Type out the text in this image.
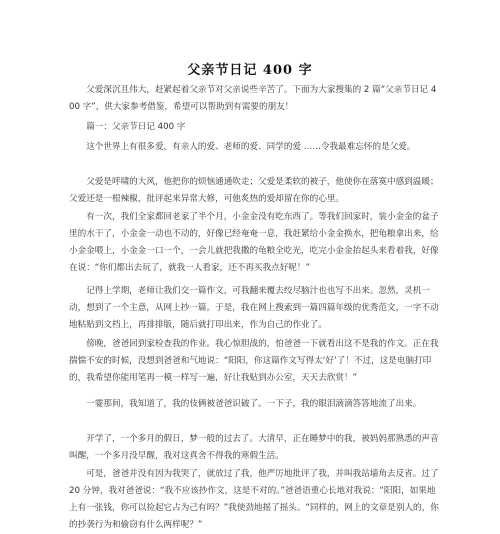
父亲节日记 400 字

父爱深沉且伟大，赶紧起着父亲节对父亲说些辛苦了。下面为大家搜集的 2 篇“父亲节日记 400 字”，供大家参考借鉴，希望可以帮助到有需要的朋友！

篇一：父亲节日记 400 字

这个世界上有很多爱，有亲人的爱、老师的爱、同学的爱 ……令我最难忘怀的是父爱。

父爱是呼啸的大风，他把你的烦恼通通吹走；父爱是柔软的被子，他使你在落寞中感到温暖；父爱还是一根辣椒，批评起来异常大修，可他炙热的爱却留在你的心里。

有一次，我们全家都回老家了半个月，小金金没有吃东西了。等我们回家时，装小金金的盆子里的水干了，小金金一动也不动的，好像已经奄奄一息，我赶紧给小金金换水，把龟粮拿出来，给小金金喂上，小金金一口一个，一会儿就把我撒的龟粮全吃光，吃完小金金抬起头来看着我，好像在说：“你们都出去玩了，就我一人看家，还不再买我点好呢！”

记得上学期，老师让我们交一篇作文，可我翻来覆去绞尽脑汁也也写不出来。忽然，灵机一动，想到了一个主意，从网上抄一篇。于是，我在网上搜索到一篇四篇年级的优秀范文，一字不动地粘贴到文档上，再排排版，随后就打印出来，作为自己的作业了。

傍晚，爸爸回到家检查我的作业。我心惊胆战的，怕爸爸一下就看出这不是我的作文。正在我揣惴不安的时候，没想到爸爸和气地说：“阳阳，你这篇作文写得太‘好’了！不过，这是电脑打印的，我希望你能用笔再一模一样写一遍，好让我贴到办公室，天天去欣赏！”

一霎那间，我知道了，我的伎俩被爸爸识破了。一下子，我的眼泪滴滴答答地流了出来。

开学了，一个多月的假日，梦一般的过去了。大清早，正在睡梦中的我，被妈妈那熟悉的声音叫醒，一个多月没早醒，我对这真舍不得我的寒假生活。

可是，爸爸并没有因为我哭了，就放过了我，他严厉地批评了我，并叫我站墙角去反省。过了 20 分钟，我对爸爸说：“我不应该抄作文，这是不对的。”爸爸语重心长地对我说：“阳阳，如果地上有一张钱，你可以捡起它占为己有吗？”我使劲地摇了摇头。“同样的，网上的文章是别人的，你的抄袭行为和偷窃有什么两样呢？”
